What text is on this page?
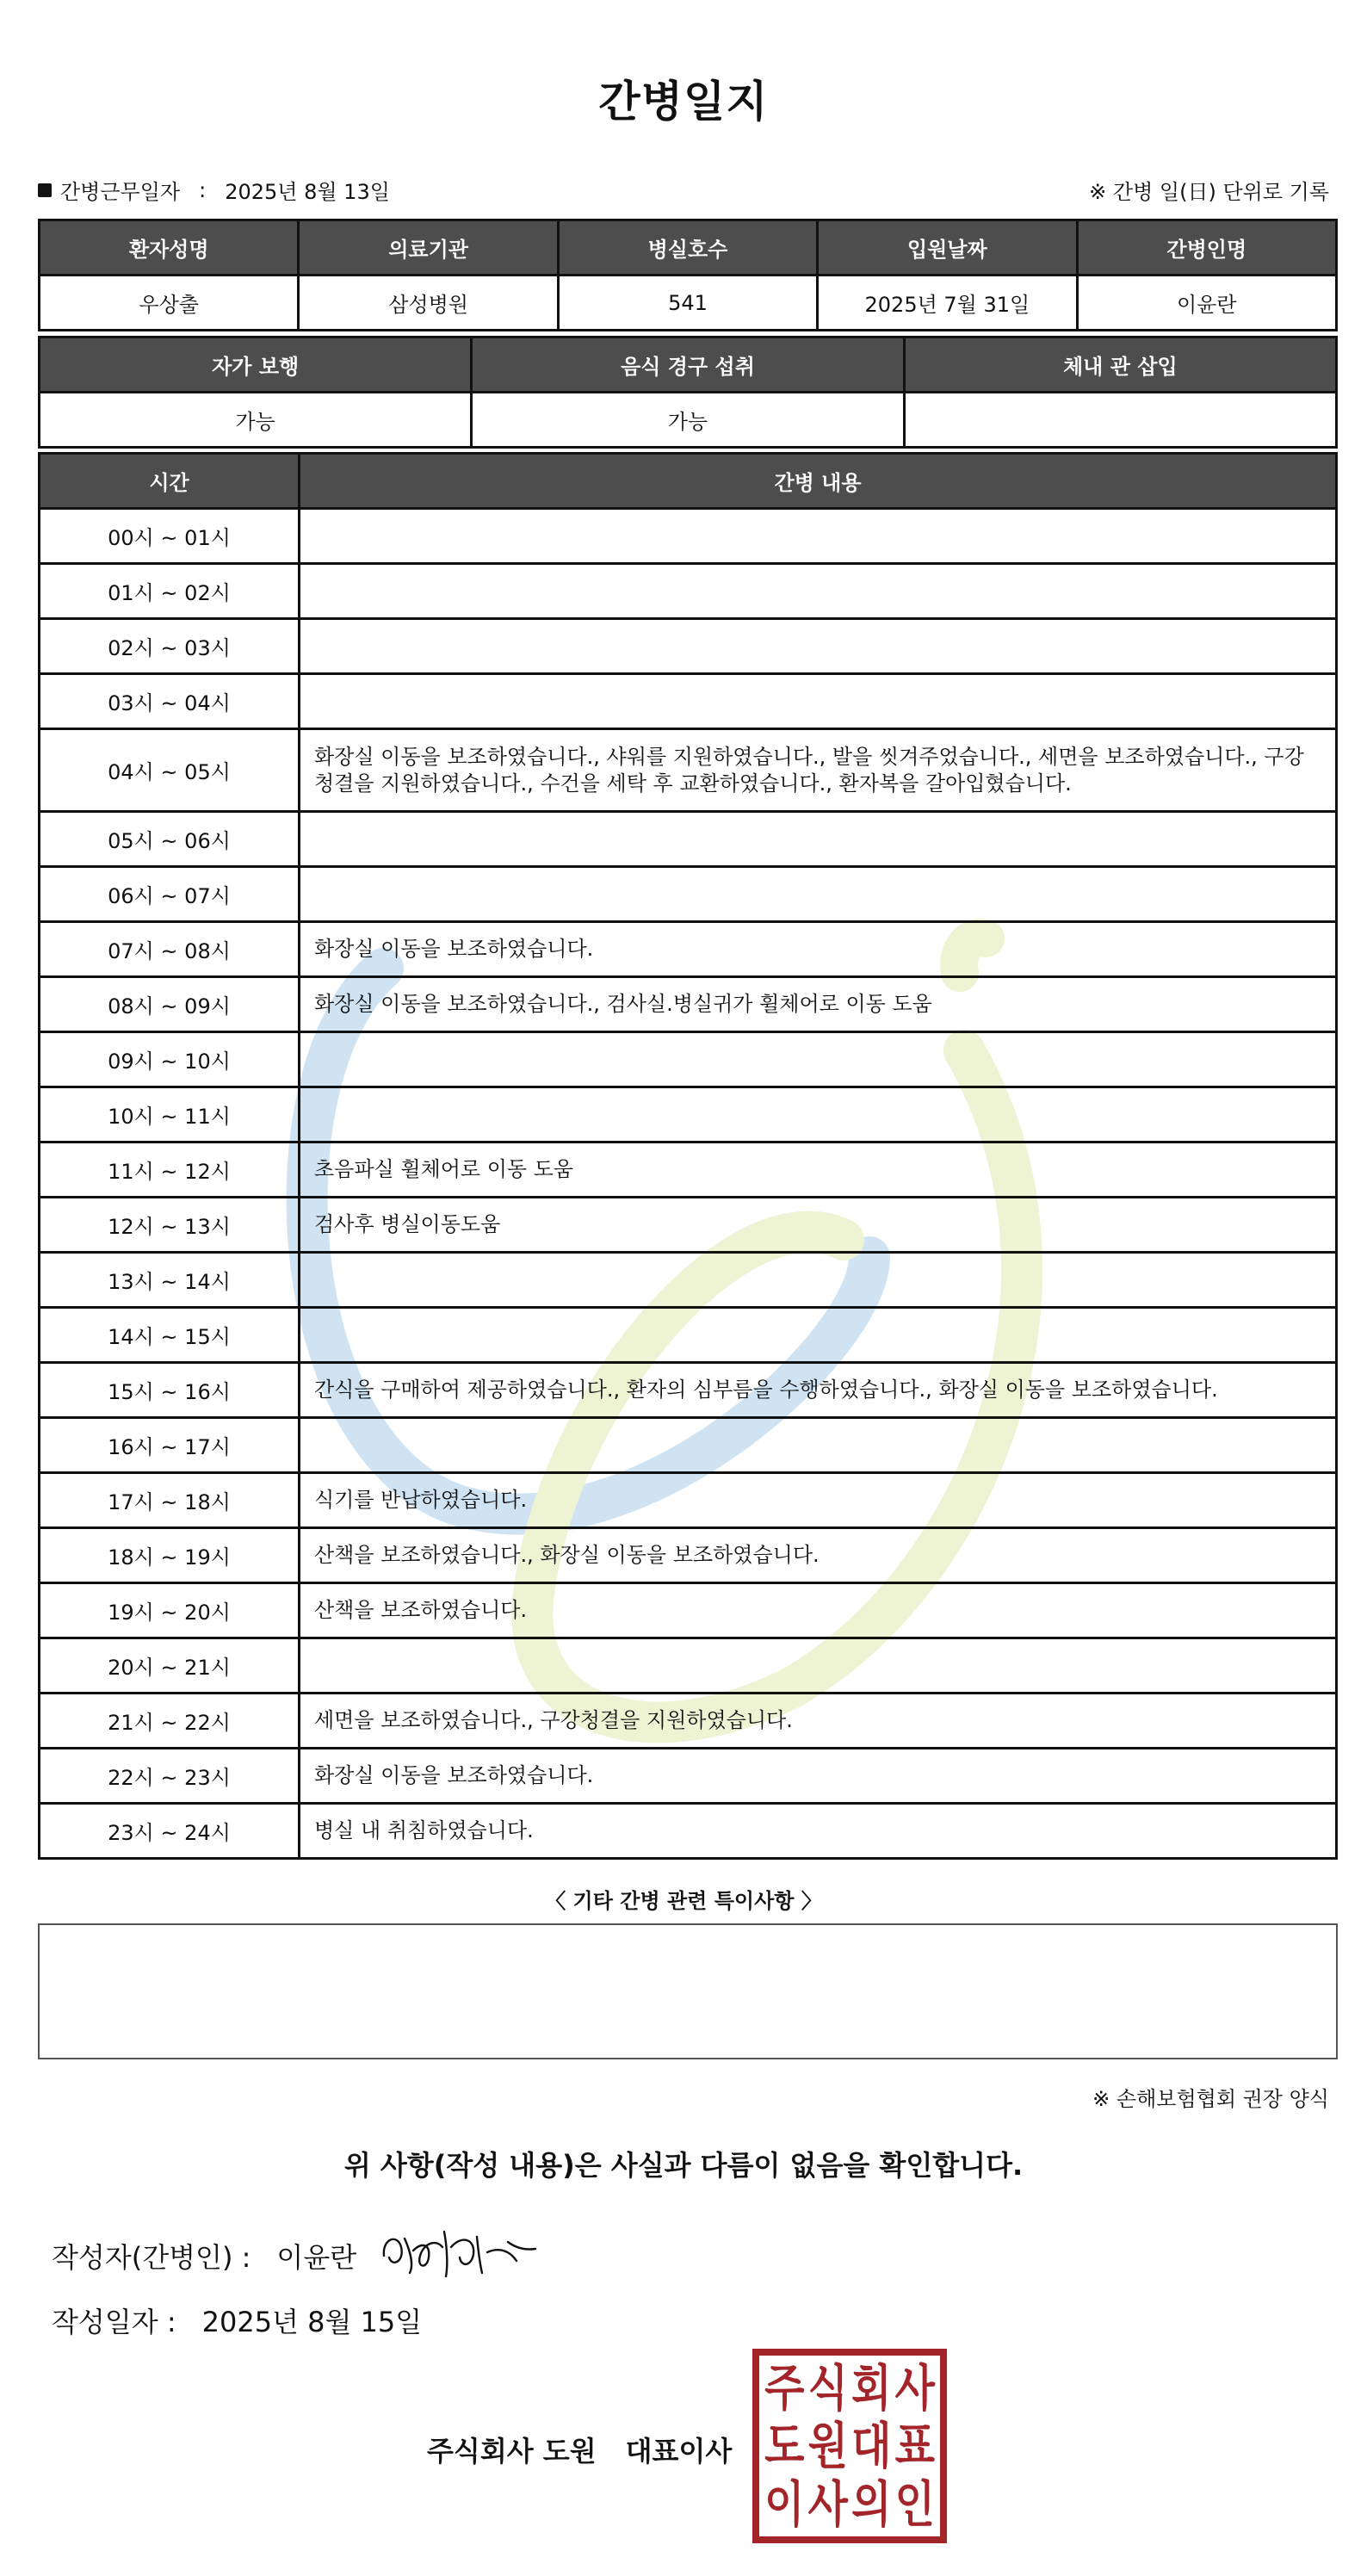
간병일지
간병근무일자 : 2025년 8월 13일	※ 간병 일(日) 단위로 기록
환자성명	의료기관	병실호수	입원날짜	간병인명
우상출	삼성병원	541	2025년 7월 31일	이윤란
자가 보행	음식 경구 섭취	체내 관 삽입
가능	가능	
시간	간병 내용
00시 ~ 01시	
01시 ~ 02시	
02시 ~ 03시	
03시 ~ 04시	
04시 ~ 05시	화장실 이동을 보조하였습니다., 샤워를 지원하였습니다., 발을 씻겨주었습니다., 세면을 보조하였습니다., 구강청결을 지원하였습니다., 수건을 세탁 후 교환하였습니다., 환자복을 갈아입혔습니다.
05시 ~ 06시	
06시 ~ 07시	
07시 ~ 08시	화장실 이동을 보조하였습니다.
08시 ~ 09시	화장실 이동을 보조하였습니다., 검사실.병실귀가 휠체어로 이동 도움
09시 ~ 10시	
10시 ~ 11시	
11시 ~ 12시	초음파실 휠체어로 이동 도움
12시 ~ 13시	검사후 병실이동도움
13시 ~ 14시	
14시 ~ 15시	
15시 ~ 16시	간식을 구매하여 제공하였습니다., 환자의 심부름을 수행하였습니다., 화장실 이동을 보조하였습니다.
16시 ~ 17시	
17시 ~ 18시	식기를 반납하였습니다.
18시 ~ 19시	산책을 보조하였습니다., 화장실 이동을 보조하였습니다.
19시 ~ 20시	산책을 보조하였습니다.
20시 ~ 21시	
21시 ~ 22시	세면을 보조하였습니다., 구강청결을 지원하였습니다.
22시 ~ 23시	화장실 이동을 보조하였습니다.
23시 ~ 24시	병실 내 취침하였습니다.
〈 기타 간병 관련 특이사항 〉
※ 손해보험협회 권장 양식
위 사항(작성 내용)은 사실과 다름이 없음을 확인합니다.
작성자(간병인) : 이윤란
작성일자 : 2025년 8월 15일
주식회사 도원 대표이사
주 식 회 사
도 원 대 표
이 사 의 인
